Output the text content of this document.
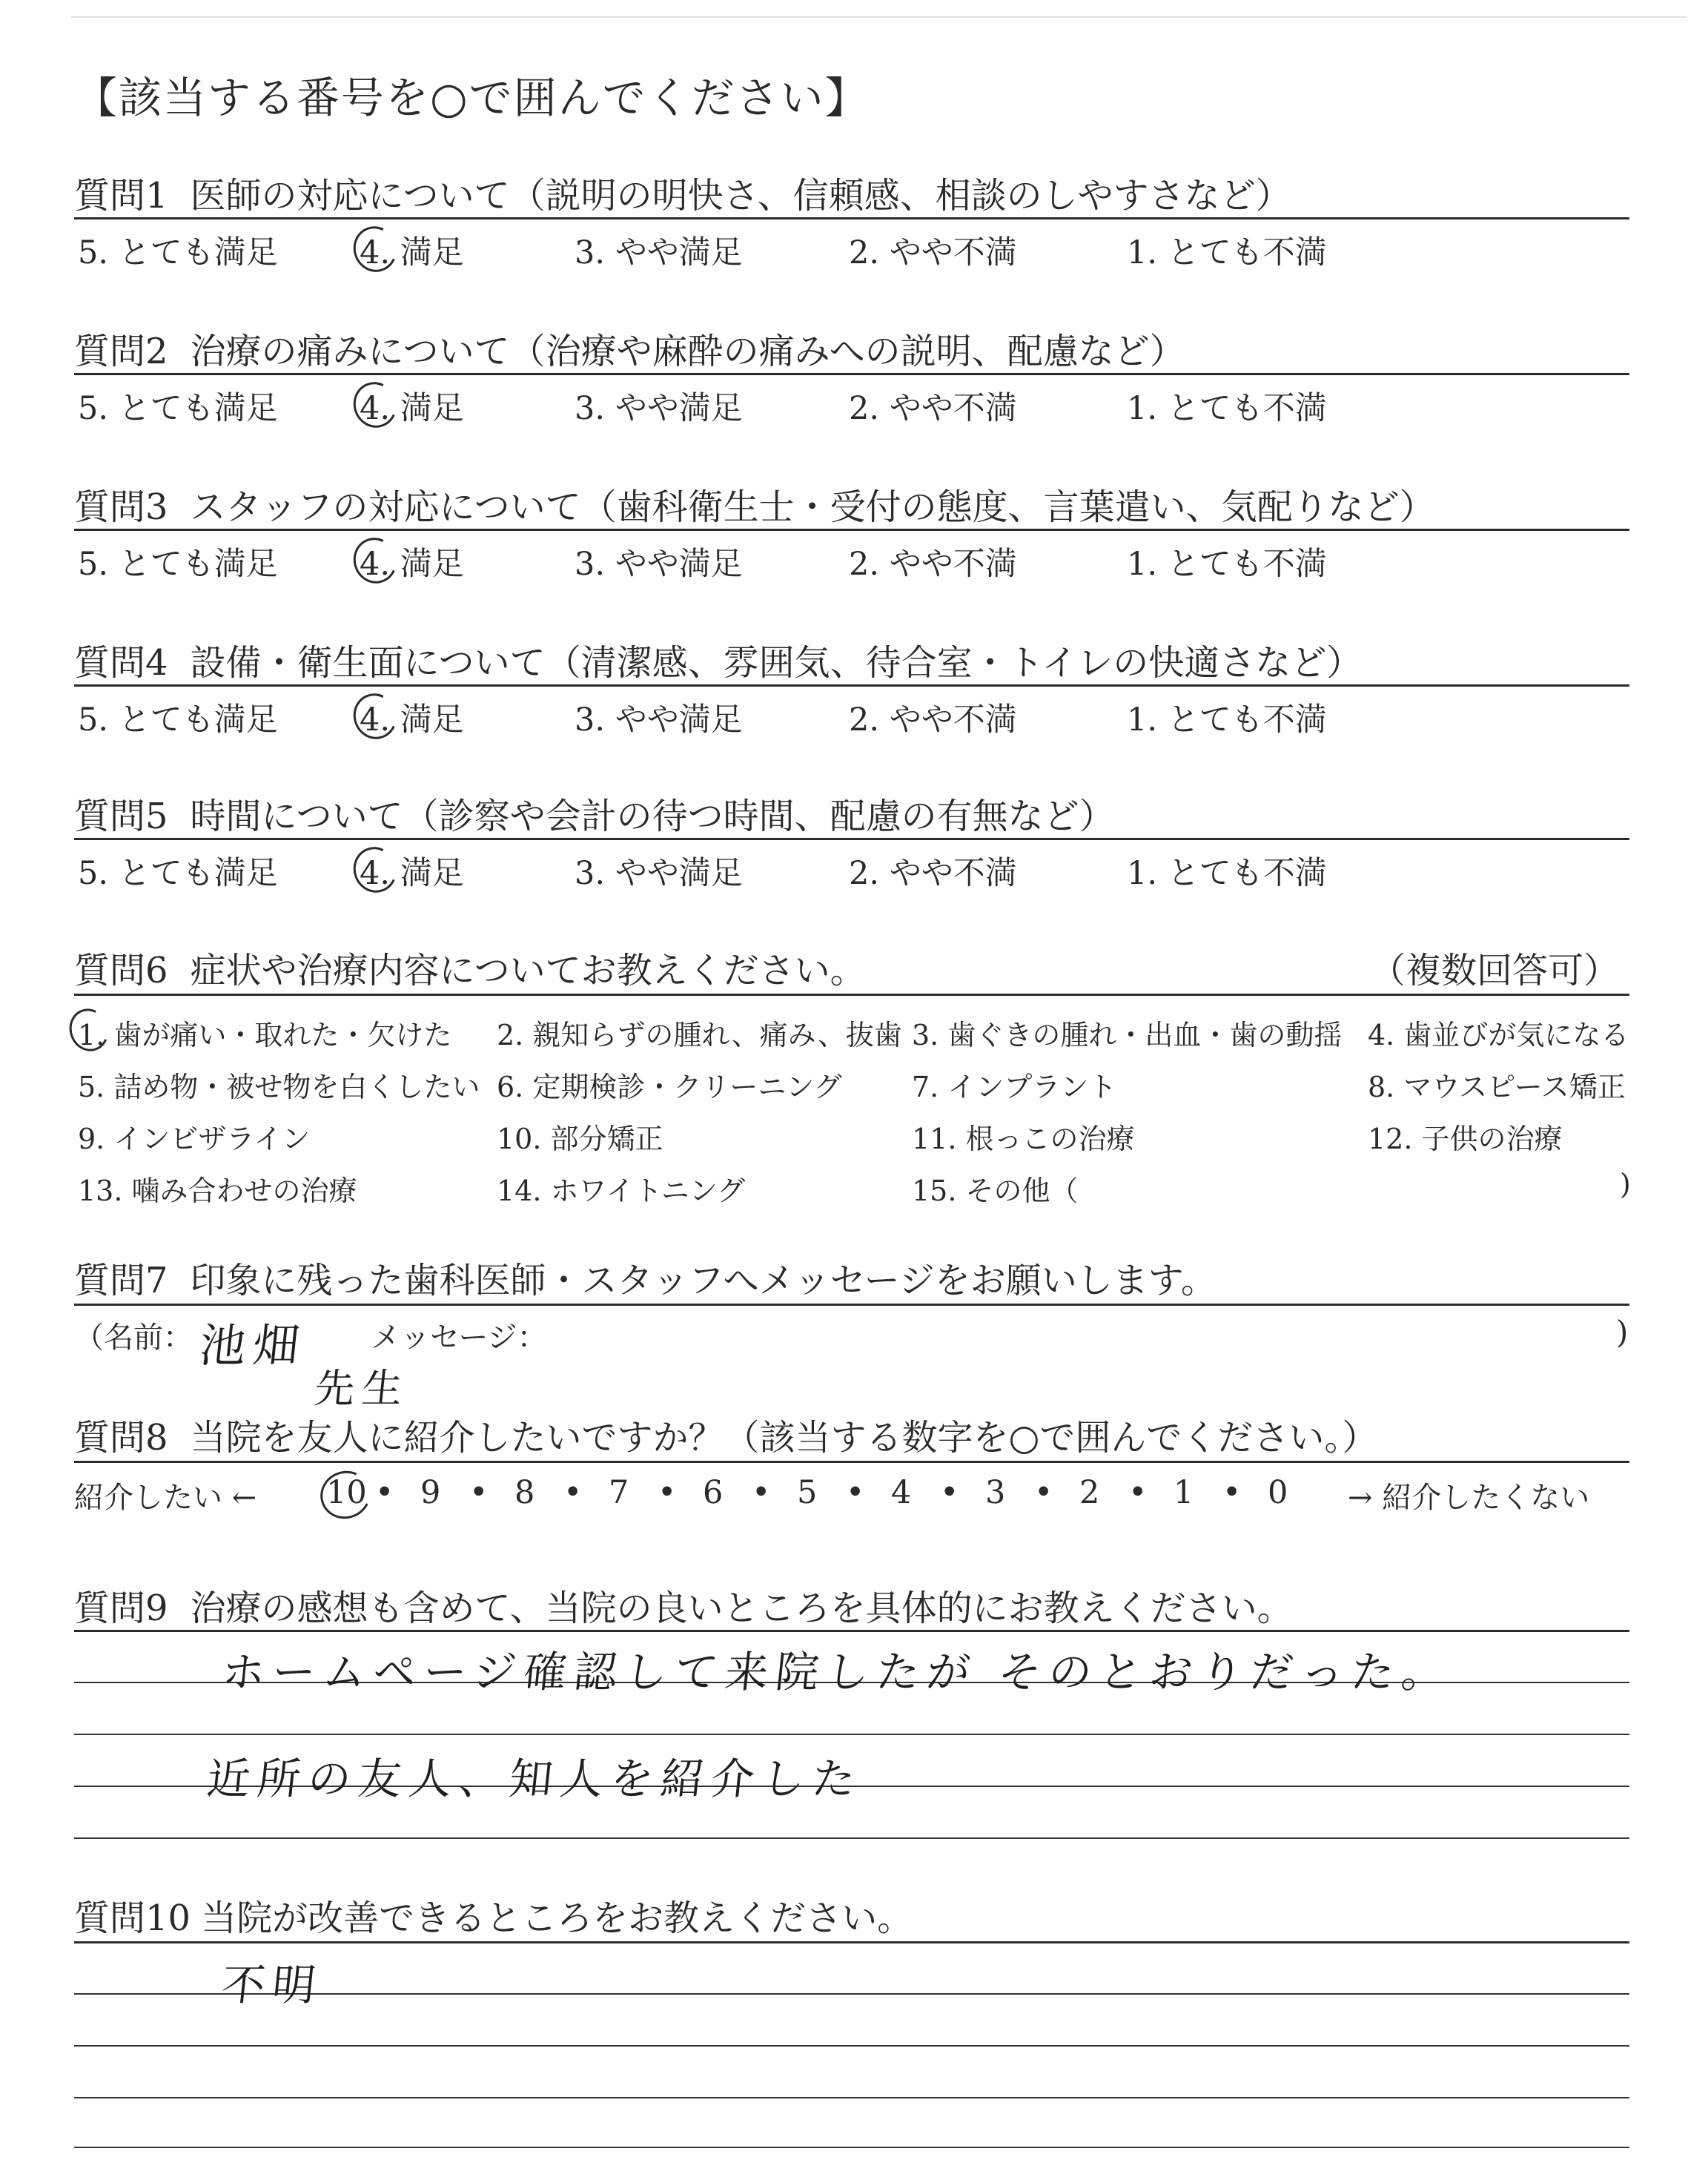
【該当する番号を○で囲んでください】
質問1 医師の対応について（説明の明快さ、信頼感、相談のしやすさなど）
5. とても満足	4. 満足	3. やや満足	2. やや不満	1. とても不満
質問2 治療の痛みについて（治療や麻酔の痛みへの説明、配慮など）
5. とても満足	4. 満足	3. やや満足	2. やや不満	1. とても不満
質問3 スタッフの対応について（歯科衛生士・受付の態度、言葉遣い、気配りなど）
5. とても満足	4. 満足	3. やや満足	2. やや不満	1. とても不満
質問4 設備・衛生面について（清潔感、雰囲気、待合室・トイレの快適さなど）
5. とても満足	4. 満足	3. やや満足	2. やや不満	1. とても不満
質問5 時間について（診察や会計の待つ時間、配慮の有無など）
5. とても満足	4. 満足	3. やや満足	2. やや不満	1. とても不満
質問6 症状や治療内容についてお教えください。	（複数回答可）
1. 歯が痛い・取れた・欠けた 2. 親知らずの腫れ、痛み、抜歯 3. 歯ぐきの腫れ・出血・歯の動揺 4. 歯並びが気になる
5. 詰め物・被せ物を白くしたい 6. 定期検診・クリーニング 7. インプラント	8. マウスピース矯正
9. インビザライン	10. 部分矯正	11. 根っこの治療	12. 子供の治療
13. 噛み合わせの治療	14. ホワイトニング	15. その他（	)
質問7 印象に残った歯科医師・スタッフへメッセージをお願いします。
（名前：	メッセージ：	)
池畑
先生
質問8 当院を友人に紹介したいですか？（該当する数字を○で囲んでください。）
紹介したい ←	→ 紹介したくない
10 • 9 • 8 • 7 • 6 • 5 • 4 • 3 • 2 • 1 • 0
質問9 治療の感想も含めて、当院の良いところを具体的にお教えください。
ホームページ確認して来院したが そのとおりだった。
近所の友人、知人を紹介した
質問10 当院が改善できるところをお教えください。
不明
